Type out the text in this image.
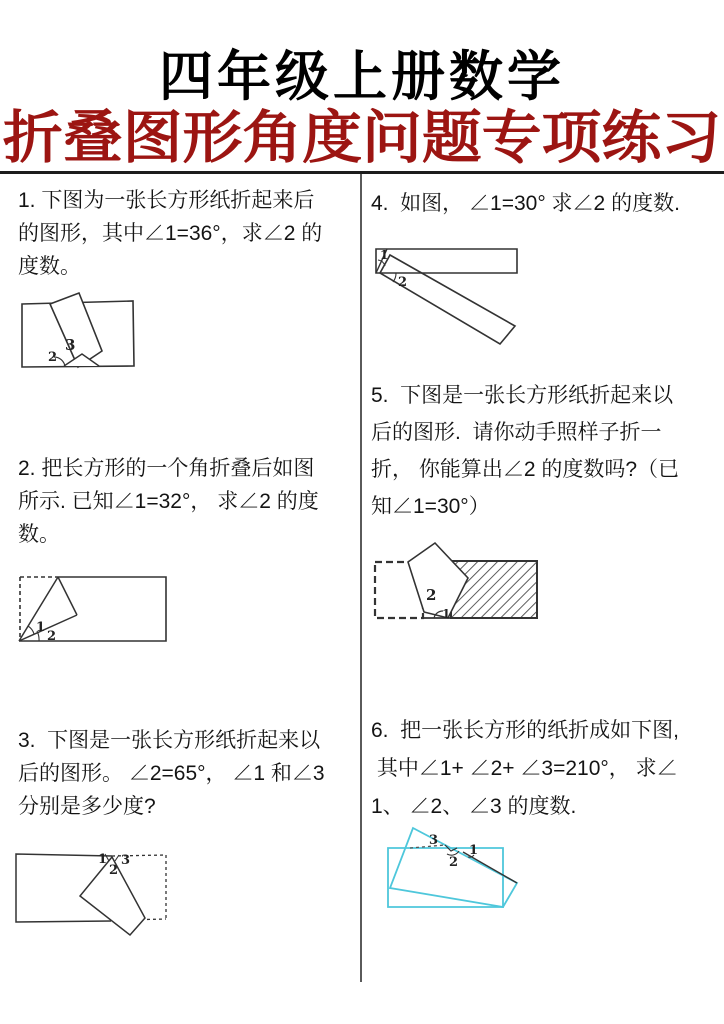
四年级上册数学
折叠图形角度问题专项练习
1. 下图为一张长方形纸折起来后
的图形，其中∠1=36°，求∠2 的
度数。
2
3
2. 把长方形的一个角折叠后如图
所示. 已知∠1=32°， 求∠2 的度
数。
1
2
3.  下图是一张长方形纸折起来以
后的图形。 ∠2=65°， ∠1 和∠3
分别是多少度?
1
2
3
4.  如图， ∠1=30° 求∠2 的度数.
1
2
5.  下图是一张长方形纸折起来以
后的图形.  请你动手照样子折一
折， 你能算出∠2 的度数吗?（已
知∠1=30°）
2
1
6.  把一张长方形的纸折成如下图,
其中∠1+ ∠2+ ∠3=210°， 求∠
1、 ∠2、 ∠3 的度数.
3
2
1
